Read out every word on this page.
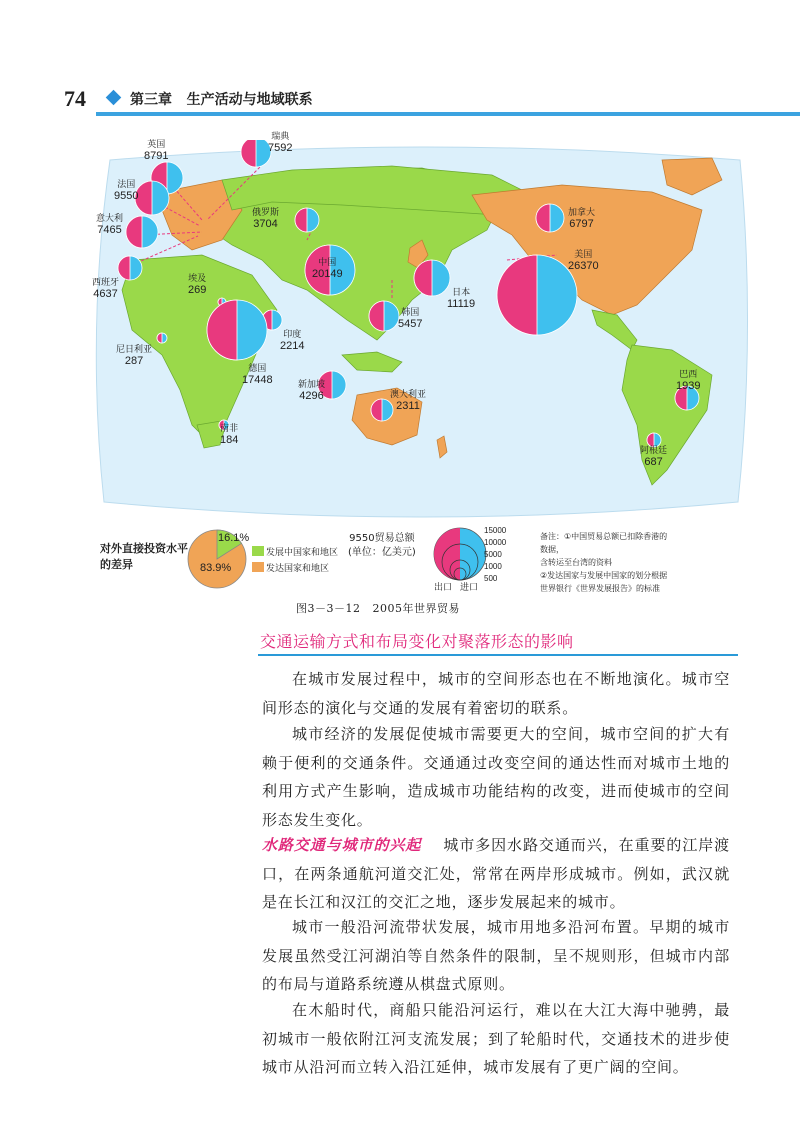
74	第三章   生产活动与地域联系
英国
8791
瑞典
7592
法国
9550
意大利
7465
西班牙
4637
俄罗斯
3704
埃及
269
尼日利亚
287
中国
20149
印度
2214
日本
11119
韩国
5457
加拿大
6797
美国
26370
德国
17448	新加坡
4296	澳大利亚
2311
南非
184
巴西
1939
阿根廷
687
对外直接投资水平的差异
16.1%
83.9%
发展中国家和地区
发达国家和地区
9550贸易总额
(单位：亿美元)
15000
10000
5000
1000
500
出口 进口
备注：①中国贸易总额已扣除香港的数据，
含转运至台湾的资料
②发达国家与发展中国家的划分根据
世界银行《世界发展报告》的标准
图3－3－12   2005年世界贸易
交通运输方式和布局变化对聚落形态的影响

在城市发展过程中，城市的空间形态也在不断地演化。城市空间形态的演化与交通的发展有着密切的联系。

城市经济的发展促使城市需要更大的空间，城市空间的扩大有赖于便利的交通条件。交通通过改变空间的通达性而对城市土地的利用方式产生影响，造成城市功能结构的改变，进而使城市的空间形态发生变化。

水路交通与城市的兴起 城市多因水路交通而兴，在重要的江岸渡口，在两条通航河道交汇处，常常在两岸形成城市。例如，武汉就是在长江和汉江的交汇之地，逐步发展起来的城市。

城市一般沿河流带状发展，城市用地多沿河布置。早期的城市发展虽然受江河湖泊等自然条件的限制，呈不规则形，但城市内部的布局与道路系统遵从棋盘式原则。

在木船时代，商船只能沿河运行，难以在大江大海中驰骋，最初城市一般依附江河支流发展；到了轮船时代，交通技术的进步使城市从沿河而立转入沿江延伸，城市发展有了更广阔的空间。
